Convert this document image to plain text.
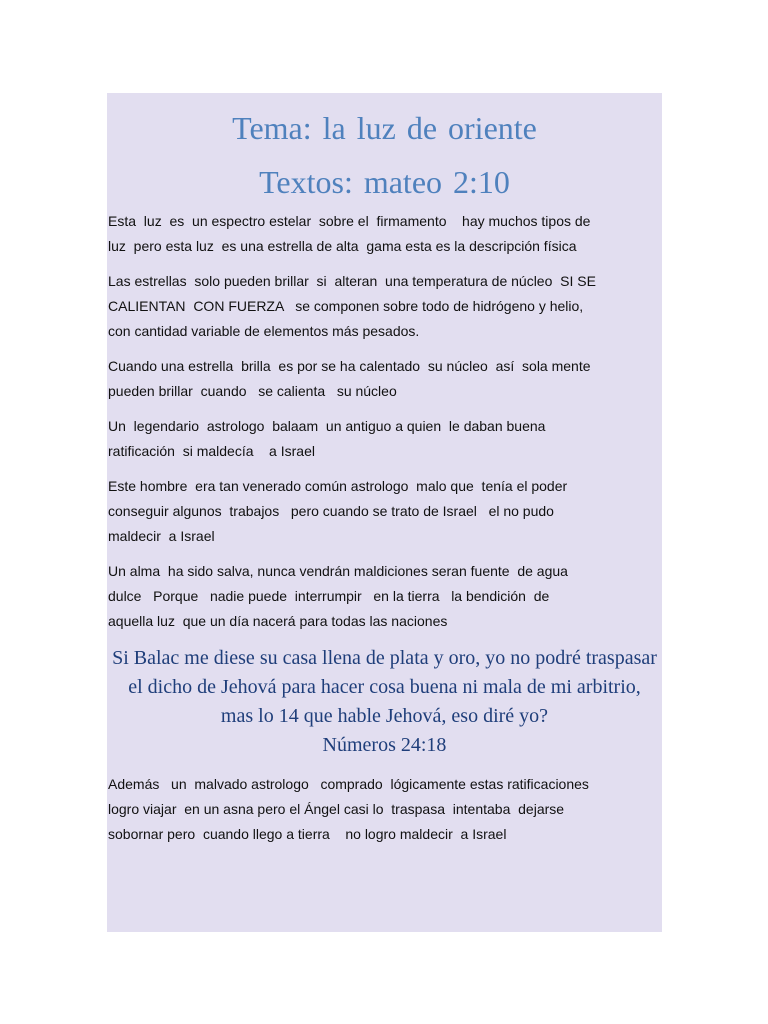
Tema: la luz de oriente
Textos: mateo 2:10

Esta  luz  es  un espectro estelar  sobre el  firmamento    hay muchos tipos de
luz  pero esta luz  es una estrella de alta  gama esta es la descripción física

Las estrellas  solo pueden brillar  si  alteran  una temperatura de núcleo  SI SE
CALIENTAN  CON FUERZA   se componen sobre todo de hidrógeno y helio,
con cantidad variable de elementos más pesados.

Cuando una estrella  brilla  es por se ha calentado  su núcleo  así  sola mente
pueden brillar  cuando   se calienta   su núcleo

Un  legendario  astrologo  balaam  un antiguo a quien  le daban buena
ratificación  si maldecía    a Israel

Este hombre  era tan venerado común astrologo  malo que  tenía el poder
conseguir algunos  trabajos   pero cuando se trato de Israel   el no pudo
maldecir  a Israel

Un alma  ha sido salva, nunca vendrán maldiciones seran fuente  de agua
dulce   Porque   nadie puede  interrumpir   en la tierra   la bendición  de
aquella luz  que un día nacerá para todas las naciones

Si Balac me diese su casa llena de plata y oro, yo no podré traspasar el dicho de Jehová para hacer cosa buena ni mala de mi arbitrio, mas lo 14 que hable Jehová, eso diré yo?
Números 24:18

Además   un  malvado astrologo   comprado  lógicamente estas ratificaciones
logro viajar  en un asna pero el Ángel casi lo  traspasa  intentaba  dejarse
sobornar pero  cuando llego a tierra    no logro maldecir  a Israel
